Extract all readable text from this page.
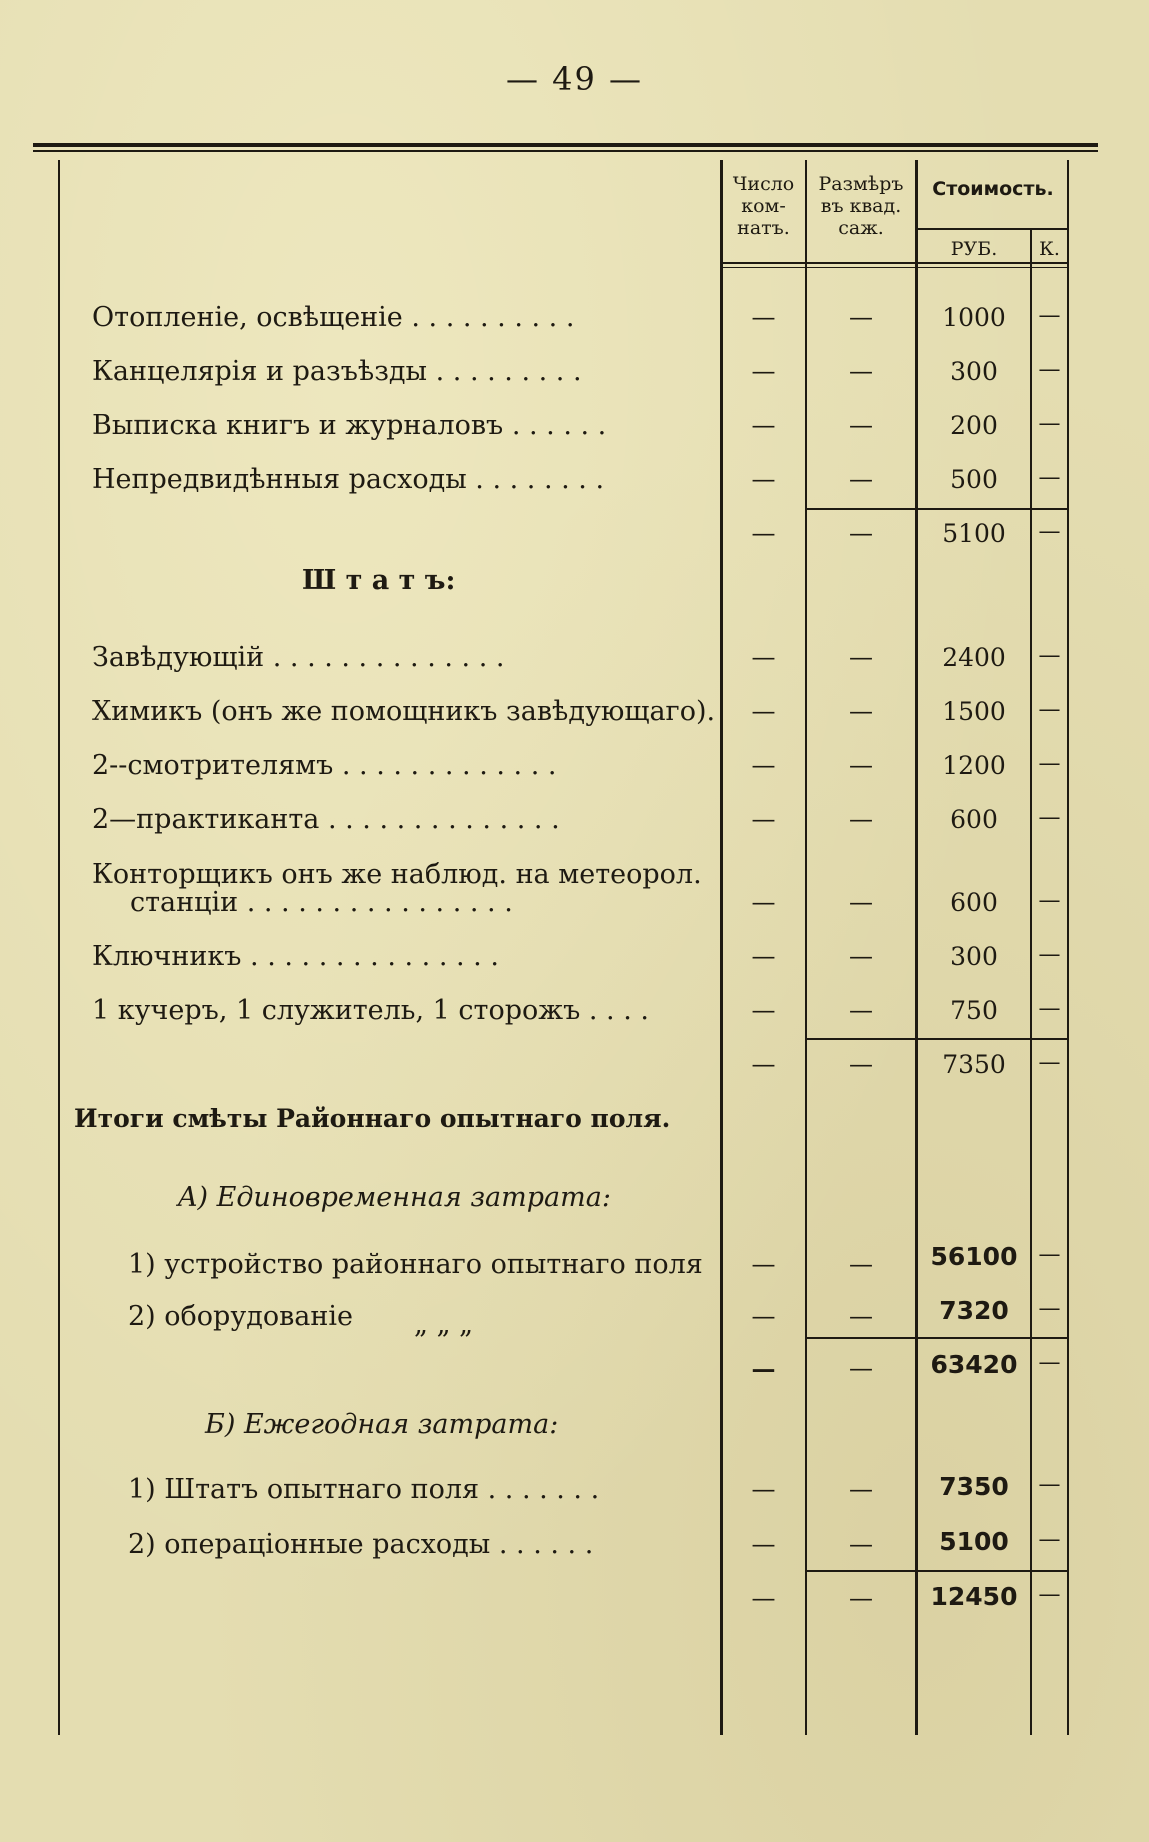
— 49 —
Число
ком-
натъ.
Размѣръ
въ квад.
саж.
Стоимость.
РУБ.	К.
Отопленіе, освѣщеніе . . . . . . . . . .	—	—	1000	—
Канцелярія и разъѣзды . . . . . . . . .	—	—	300	—
Выписка книгъ и журналовъ . . . . . .	—	—	200	—
Непредвидѣнныя расходы . . . . . . . .	—	—	500	—
—	—	5100	—
Ш т а т ъ:
Завѣдующій . . . . . . . . . . . . . .	—	—	2400	—
Химикъ (онъ же помощникъ завѣдующаго).	—	—	1500	—
2--смотрителямъ . . . . . . . . . . . . .	—	—	1200	—
2—практиканта . . . . . . . . . . . . . .	—	—	600	—
Конторщикъ онъ же наблюд. на метеорол.
станціи . . . . . . . . . . . . . . . .	—	—	600	—
Ключникъ . . . . . . . . . . . . . . .	—	—	300	—
1 кучеръ, 1 служитель, 1 сторожъ . . . .	—	—	750	—
—	—	7350	—
Итоги смѣты Районнаго опытнаго поля.
A) Единовременная затрата:
1) устройство районнаго опытнаго поля	—	—	56100 —
2) оборудованіе „ „ „	—	—	7320	—
—	—	63420 —
Б) Ежегодная затрата:
1) Штатъ опытнаго поля . . . . . . .	—	—	7350	—
2) операціонные расходы . . . . . .	—	—	5100	—
—	—	12450 —
